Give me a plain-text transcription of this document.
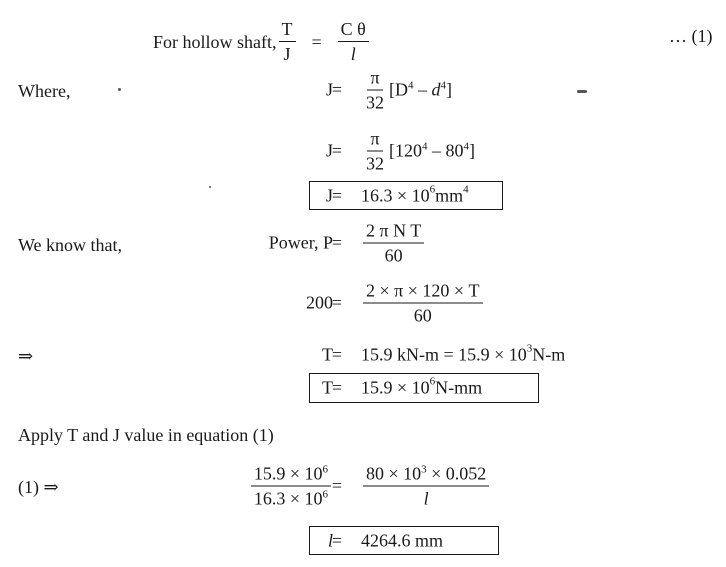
For hollow shaft, $\frac{T}{J} = \frac{\text{C θ}}{l}$	… (1)
Where,	J
= $\frac{\pi}{32} [D^4 - d^4]$
J
= $\frac{\pi}{32} [120^4 - 80^4]$
J
= $16.3 \times 10^6$ $mm^4$
We know that,	Power, P
= $\frac{\text{2 π N T}}{60}$
200
= $\frac{2 \times \pi \times 120 \times T}{60}$
⇒	T
= 15.9 $kN-m = 15.9 \times 10^3$ N-m
T
= $15.9 \times 10^6$ N-mm
Apply T and J value in equation (1)
(1) ⇒	$\frac{15.9 \times 10^6}{16.3 \times 10^6} = \frac{80 \times 10^3 \times 0.052}{l}$
l
= 4264.6 mm
